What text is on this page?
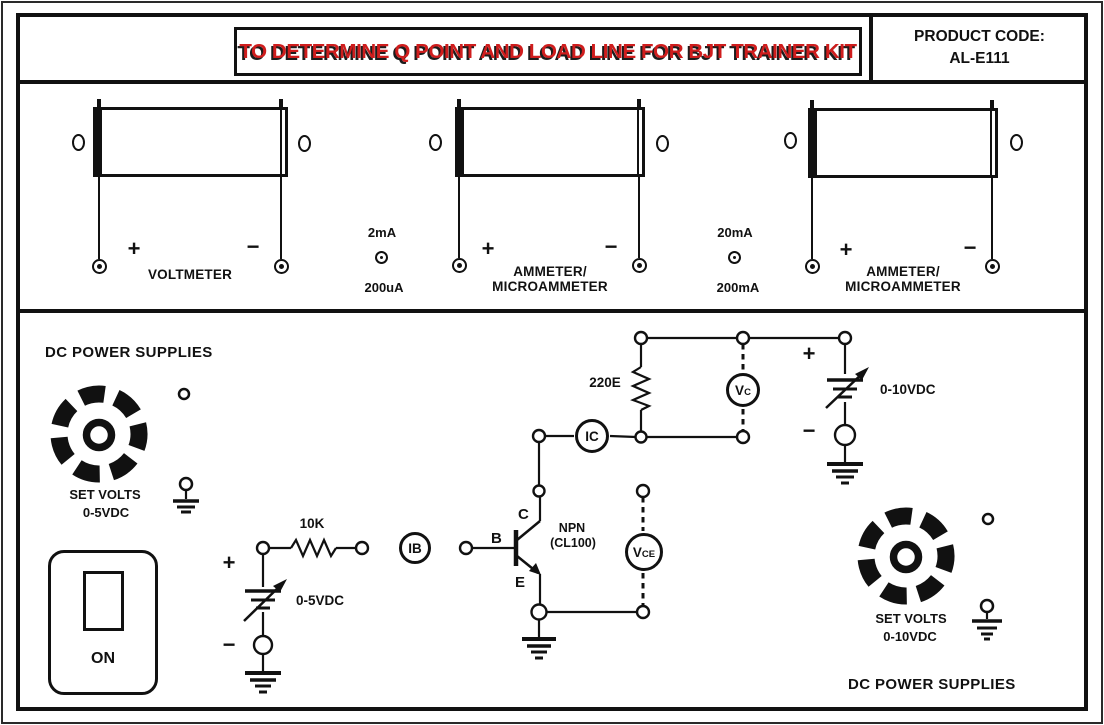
TO DETERMINE Q POINT AND LOAD LINE FOR BJT TRAINER KIT
PRODUCT CODE:
AL-E111
+	−
VOLTMETER
2mA
200uA
+	−
AMMETER/
MICROAMMETER
20mA
200mA
+	−
AMMETER/
MICROAMMETER
IB
IC
V C
V CE
DC POWER SUPPLIES
SET VOLTS
0-5VDC
ON
+
10K
0-5VDC
−
B
C
E
NPN
(CL100)
220E
+
−
0-10VDC
SET VOLTS
0-10VDC
DC POWER SUPPLIES
